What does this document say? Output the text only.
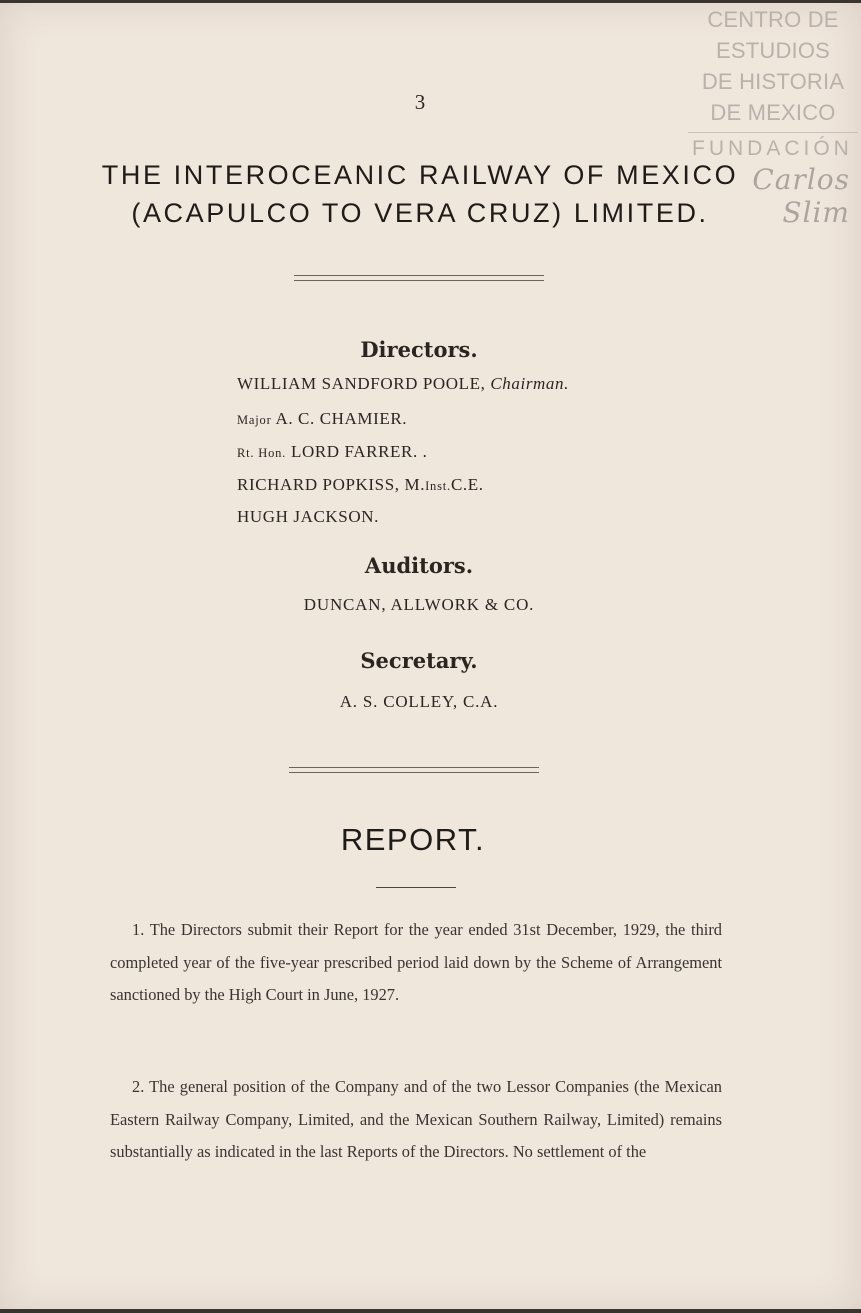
CENTRO DE
ESTUDIOS
DE HISTORIA
DE MEXICO
FUNDACIÓN
Carlos Slim
3
THE INTEROCEANIC RAILWAY OF MEXICO
(ACAPULCO TO VERA CRUZ) LIMITED.
Directors.
WILLIAM SANDFORD POOLE, Chairman.
Major A. C. CHAMIER.
Rt. Hon. LORD FARRER. .
RICHARD POPKISS, M.Inst.C.E.
HUGH JACKSON.
Auditors.
DUNCAN, ALLWORK & CO.
Secretary.
A. S. COLLEY, C.A.
REPORT.
1. The Directors submit their Report for the year ended 31st December, 1929, the third completed year of the five-year prescribed period laid down by the Scheme of Arrangement sanctioned by the High Court in June, 1927.
2. The general position of the Company and of the two Lessor Companies (the Mexican Eastern Railway Company, Limited, and the Mexican Southern Railway, Limited) remains substantially as indicated in the last Reports of the Directors. No settlement of the
